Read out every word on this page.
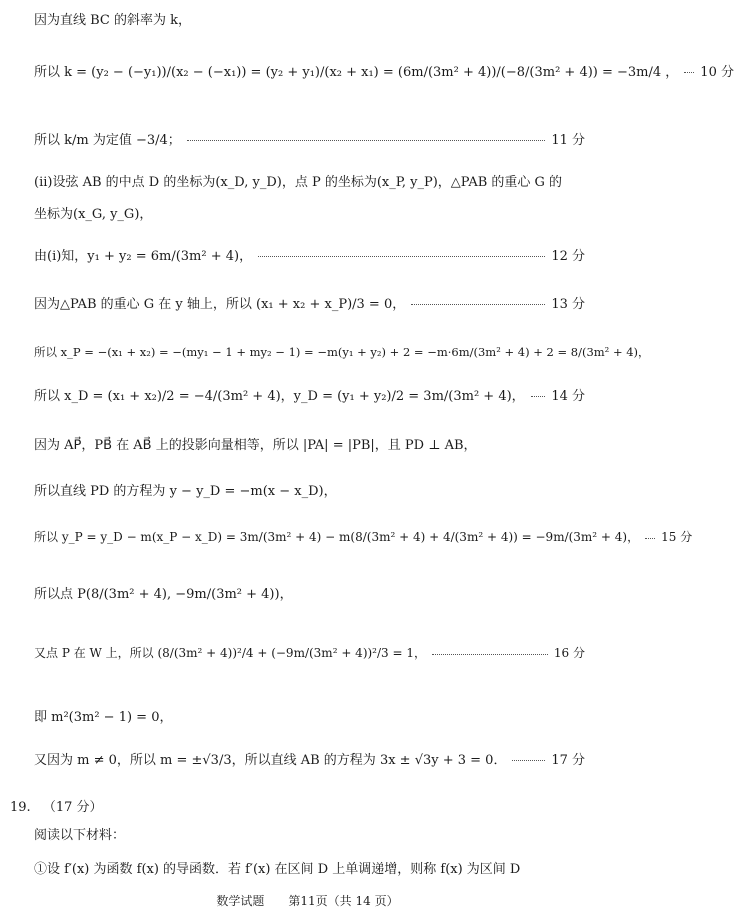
因为直线 BC 的斜率为 k，
所以 k = (y₂ − (−y₁))/(x₂ − (−x₁)) = (y₂ + y₁)/(x₂ + x₁) = (6m/(3m² + 4))/(−8/(3m² + 4)) = −3m/4 ， 10 分
所以 k/m 为定值 −3/4；	11 分
(ii)设弦 AB 的中点 D 的坐标为(x_D, y_D)，点 P 的坐标为(x_P, y_P)，△PAB 的重心 G 的
坐标为(x_G, y_G)，
由(ⅰ)知，y₁ + y₂ = 6m/(3m² + 4)，	12 分
因为△PAB 的重心 G 在 y 轴上，所以 (x₁ + x₂ + x_P)/3 = 0，	13 分
所以 x_P = −(x₁ + x₂) = −(my₁ − 1 + my₂ − 1) = −m(y₁ + y₂) + 2 = −m·6m/(3m² + 4) + 2 = 8/(3m² + 4)，
所以 x_D = (x₁ + x₂)/2 = −4/(3m² + 4)，y_D = (y₁ + y₂)/2 = 3m/(3m² + 4)， 14 分
因为 AP⃗，PB⃗ 在 AB⃗ 上的投影向量相等，所以 |PA| = |PB|，且 PD ⊥ AB，
所以直线 PD 的方程为 y − y_D = −m(x − x_D)，
所以 y_P = y_D − m(x_P − x_D) = 3m/(3m² + 4) − m(8/(3m² + 4) + 4/(3m² + 4)) = −9m/(3m² + 4)， 15 分
所以点 P(8/(3m² + 4), −9m/(3m² + 4))，
又点 P 在 W 上，所以 (8/(3m² + 4))²/4 + (−9m/(3m² + 4))²/3 = 1，	16 分
即 m²(3m² − 1) = 0，
又因为 m ≠ 0，所以 m = ±√3/3，所以直线 AB 的方程为 3x ± √3y + 3 = 0．	17 分
19. （17 分）
阅读以下材料：
①设 f′(x) 为函数 f(x) 的导函数．若 f′(x) 在区间 D 上单调递增，则称 f(x) 为区间 D
数学试题　　第11页（共 14 页）
